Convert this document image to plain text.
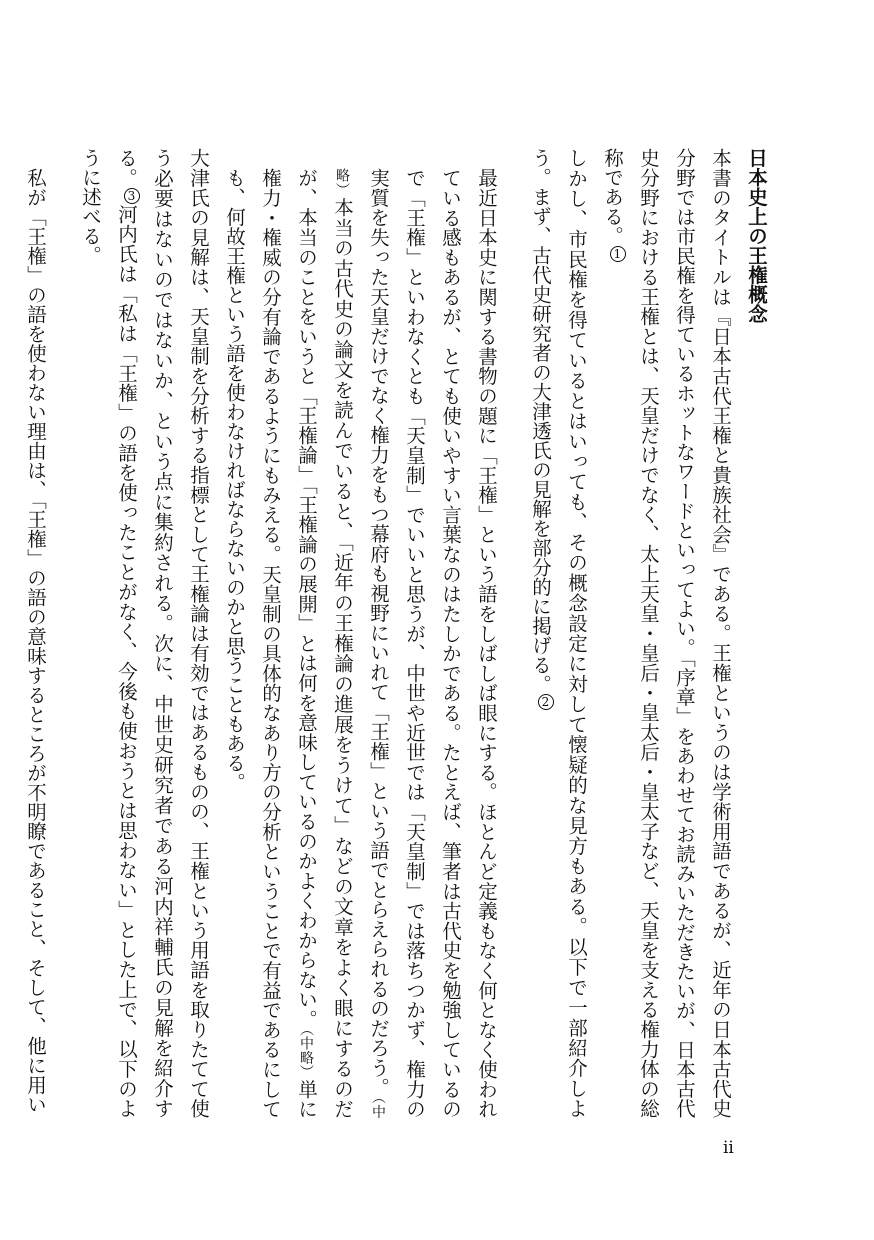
日本史上の王権概念

本書のタイトルは『日本古代王権と貴族社会』である。王権というのは学術用語であるが、近年の日本古代史分野では市民権を得ているホットなワードといってよい。「序章」をあわせてお読みいただきたいが、日本古代史分野における王権とは、天皇だけでなく、太上天皇・皇后・皇太后・皇太子など、天皇を支える権力体の総称である。1

しかし、市民権を得ているとはいっても、その概念設定に対して懐疑的な見方もある。以下で一部紹介しよう。まず、古代史研究者の大津透氏の見解を部分的に掲げる。2

最近日本史に関する書物の題に「王権」という語をしばしば眼にする。ほとんど定義もなく何となく使われている感もあるが、とても使いやすい言葉なのはたしかである。たとえば、筆者は古代史を勉強しているので「王権」といわなくとも「天皇制」でいいと思うが、中世や近世では「天皇制」では落ちつかず、権力の実質を失った天皇だけでなく権力をもつ幕府も視野にいれて「王権」という語でとらえられるのだろう。（中略）本当の古代史の論文を読んでいると、「近年の王権論の進展をうけて」などの文章をよく眼にするのだが、本当のことをいうと「王権論」「王権論の展開」とは何を意味しているのかよくわからない。（中略）単に権力・権威の分有論であるようにもみえる。天皇制の具体的なあり方の分析ということで有益であるにしても、何故王権という語を使わなければならないのかと思うこともある。

大津氏の見解は、天皇制を分析する指標として王権論は有効ではあるものの、王権という用語を取りたてて使う必要はないのではないか、という点に集約される。次に、中世史研究者である河内祥輔氏の見解を紹介する。3河内氏は「私は「王権」の語を使ったことがなく、今後も使おうとは思わない」とした上で、以下のように述べる。

私が「王権」の語を使わない理由は、「王権」の語の意味するところが不明瞭であること、そして、他に用い

ii
